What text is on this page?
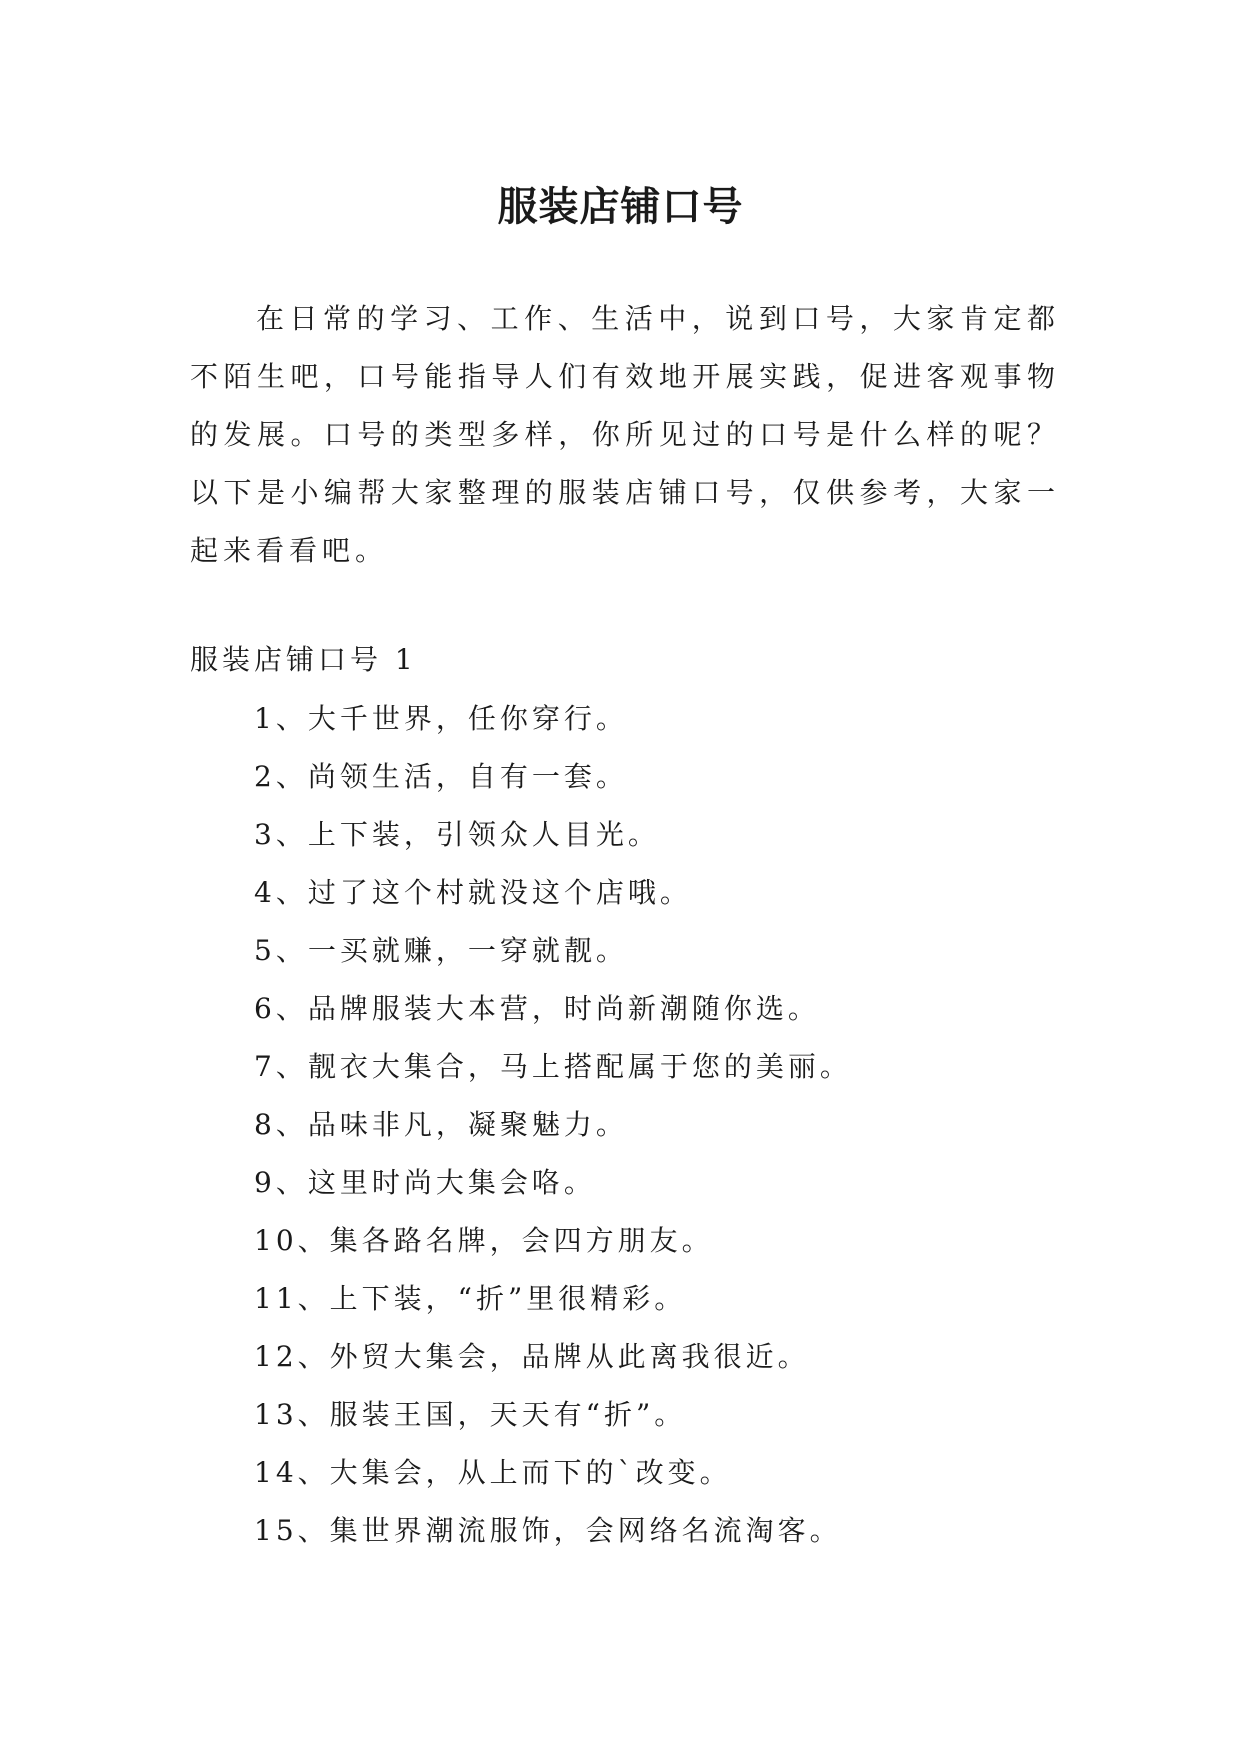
服装店铺口号

在日常的学习、工作、生活中，说到口号，大家肯定都不陌生吧，口号能指导人们有效地开展实践，促进客观事物的发展。口号的类型多样，你所见过的口号是什么样的呢？以下是小编帮大家整理的服装店铺口号，仅供参考，大家一起来看看吧。

服装店铺口号 1
1、大千世界，任你穿行。
2、尚领生活，自有一套。
3、上下装，引领众人目光。
4、过了这个村就没这个店哦。
5、一买就赚，一穿就靓。
6、品牌服装大本营，时尚新潮随你选。
7、靓衣大集合，马上搭配属于您的美丽。
8、品味非凡，凝聚魅力。
9、这里时尚大集会咯。
10、集各路名牌，会四方朋友。
11、上下装，“折”里很精彩。
12、外贸大集会，品牌从此离我很近。
13、服装王国，天天有“折”。
14、大集会，从上而下的`改变。
15、集世界潮流服饰，会网络名流淘客。
